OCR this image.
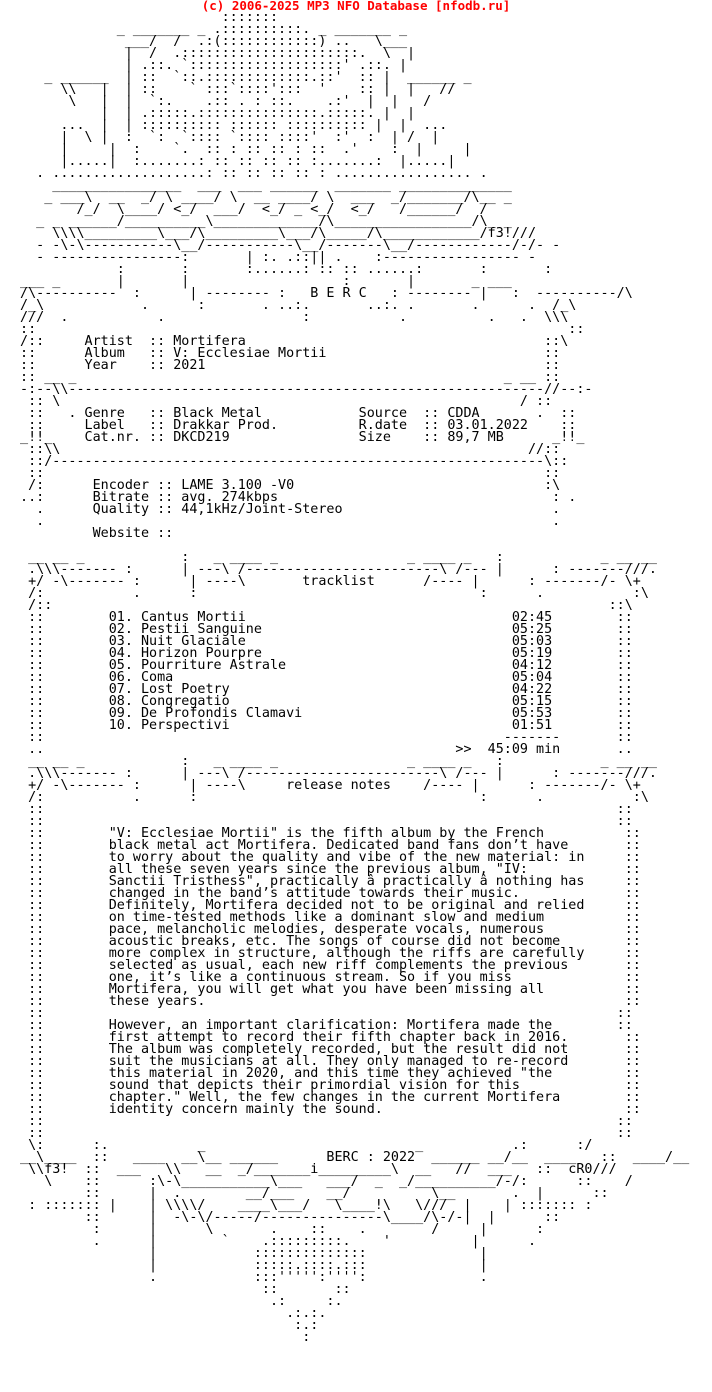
(c) 2006-2025 MP3 NFO Database [nfodb.ru]
:::::::
_ _______ _ .::::::::::. _ _______ _
___/  /  .:(::::::::::::) ..   \___
|  /  .::::::::::::::::::::::.  \  |
| .::. `:::::::::::::::::::' .::. |
_ ______  | ::  `::.:::::::::::::.::'  :: |  ______ _
\\   |  | ::    ` :::`::::':::  '    :: |  |   //
\   |  |  `:.    .:: . : ::.    .:'  |  |   /
|  | .:::::.:::::::::::::::.:::::. |  |
...  |  | :::::::::: :::::: :::::::::: |  |  ...
|  \ |  :  `:  `:::: `:::: ::::'  :'  :  | /  |
|     |  :    `.  :: : :: :: : ::  .'    :  |     |
|.....|  :.......: :: :: :: :: :.......:  |.....|
. ...................: :: :: :: :: : ................. .
________________  ___  ___ ______  _______ ______________
_ ___\  __  _/ \ ____/ \  __ ____/ \  ___  _/_______/\__ _
/_/  \____/ <_/  ___/  <_/ _ <_/  <_/   /______/  /
_ _ ______/__________\_____________/\_________________/\_ _
\\\\_________\___/\_________\___/\_____/\____________/f3!///
- -\-\-----------\__/-----------\__/-------\__/------------/-/- -
- ----------------:       | :. .::|| .    :----------------- -
:       :       :......: :: :: ......:       :       :
___ _       |       |                   :       |       _ ___
/\----------  :      | -------- :   B E R C   : -------- |   :  ----------/\
/_\            .      :       . ..:.       ..:. .       .      .  /_\
///  .           .                 :           .          .   .  \\\
::                                                                  ::
/::     Artist  :: Mortifera                                     ::\
::      Album   :: V: Ecclesiae Mortii                           ::
::      Year    :: 2021                                          ::
:: __ _                                                     _ __ ::
-:--\\-----------------------------------------------------------//--:-
:: \                                                         / ::
::   . Genre   :: Black Metal            Source  :: CDDA       .  ::
::     Label   :: Drakkar Prod.          R.date  :: 03.01.2022    ::
_!!_    Cat.nr. :: DKCD219                Size    :: 89,7 MB      _!!_
::\\                                                          //::
::/-------------------------------------------------------------\::
::                                                              ::
/:      Encoder :: LAME 3.100 -V0                               :\
..:      Bitrate :: avg. 274kbps                                  : .
.      Quality :: 44,1kHz/Joint-Stereo                          .
.                                                               .
Website ::

__ __ _            :   _ ____ _                _ ____ _   :            _ __ __
.\\\------- :      | ---\ /------------------------\ /--- |      : -------///.
+/ -\------- :      | ----\       tracklist      /---- |      : -------/- \+
/:           .      :                                   :      .           :\
/::                                                                     ::\
::        01. Cantus Mortii                                 02:45        ::
::        02. Pestii Sanguine                               05:25        ::
::        03. Nuit Glaciale                                 05:03        ::
::        04. Horizon Pourpre                               05:19        ::
::        05. Pourriture Astrale                            04:12        ::
::        06. Coma                                          05:04        ::
::        07. Lost Poetry                                   04:22        ::
::        08. Congregatio                                   05:15        ::
::        09. De Profondis Clamavi                          05:53        ::
::        10. Perspectivi                                   01:51        ::
::                                                         -------       ::
..                                                   >>  45:09 min       ..
__ __ _            :   _ ____ _                _ ____ _   :            _ __ __
.\\\------- :      | ---\ /------------------------\ /--- |      : -------///.
+/ -\------- :      | ----\     release notes    /---- |      : -------/- \+
/:           .      :                                   :      .           :\
::                                                                       ::
::                                                                       ::
::        "V: Ecclesiae Mortii" is the fifth album by the French          ::
::        black metal act Mortifera. Dedicated band fans don’t have       ::
::        to worry about the quality and vibe of the new material: in     ::
::        all these seven years since the previous album, "IV:            ::
::        Sanctii Tristhess", practically â practically â nothing has     ::
::        changed in the band’s attitude towards their music.             ::
::        Definitely, Mortifera decided not to be original and relied     ::
::        on time-tested methods like a dominant slow and medium          ::
::        pace, melancholic melodies, desperate vocals, numerous          ::
::        acoustic breaks, etc. The songs of course did not become        ::
::        more complex in structure, although the riffs are carefully     ::
::        selected as usual, each new riff complements the previous       ::
::        one, it’s like a continuous stream. So if you miss              ::
::        Mortifera, you will get what you have been missing all          ::
::        these years.                                                    ::
::                                                                       ::
::        However, an important clarification: Mortifera made the        ::
::        first attempt to record their fifth chapter back in 2016.       ::
::        The album was completely recorded, but the result did not       ::
::        suit the musicians at all. They only managed to re-record       ::
::        this material in 2020, and this time they achieved "the         ::
::        sound that depicts their primordial vision for this             ::
::        chapter." Well, the few changes in the current Mortifera        ::
::        identity concern mainly the sound.                              ::
::                                                                       ::
::                                                                       ::
\:      :.           _                          _           .:      :/
__\____  ::   ____  __\__ ______      BERC : 2022  ______ __/__  ____   ::  ____/__
\\f3!  ::  ___   \\   __  _/_______i_________\  __   //  ___   ::  cR0///
\    ::      :\-\___________\___   ___/  _  _/__________/-/:      ::    /
::      |  .        __/___    __/          \__       .  |      ::
: ::::::: |    | \\\\/    ____\___/   \____!\   \///  |    | ::::::: :
::      |  -\-\/-----/---------------\____/\-/-|  |      ::
:      |      \       .    ::    .        /     |      :
.      |        `    .:::::::::.    '          |      .
|            ::::::::::::::              |
|            :::::.::::.:::              |
.            :::''''':'''':              .
::       ::
.:     :.
.:.:.
:.:
:
